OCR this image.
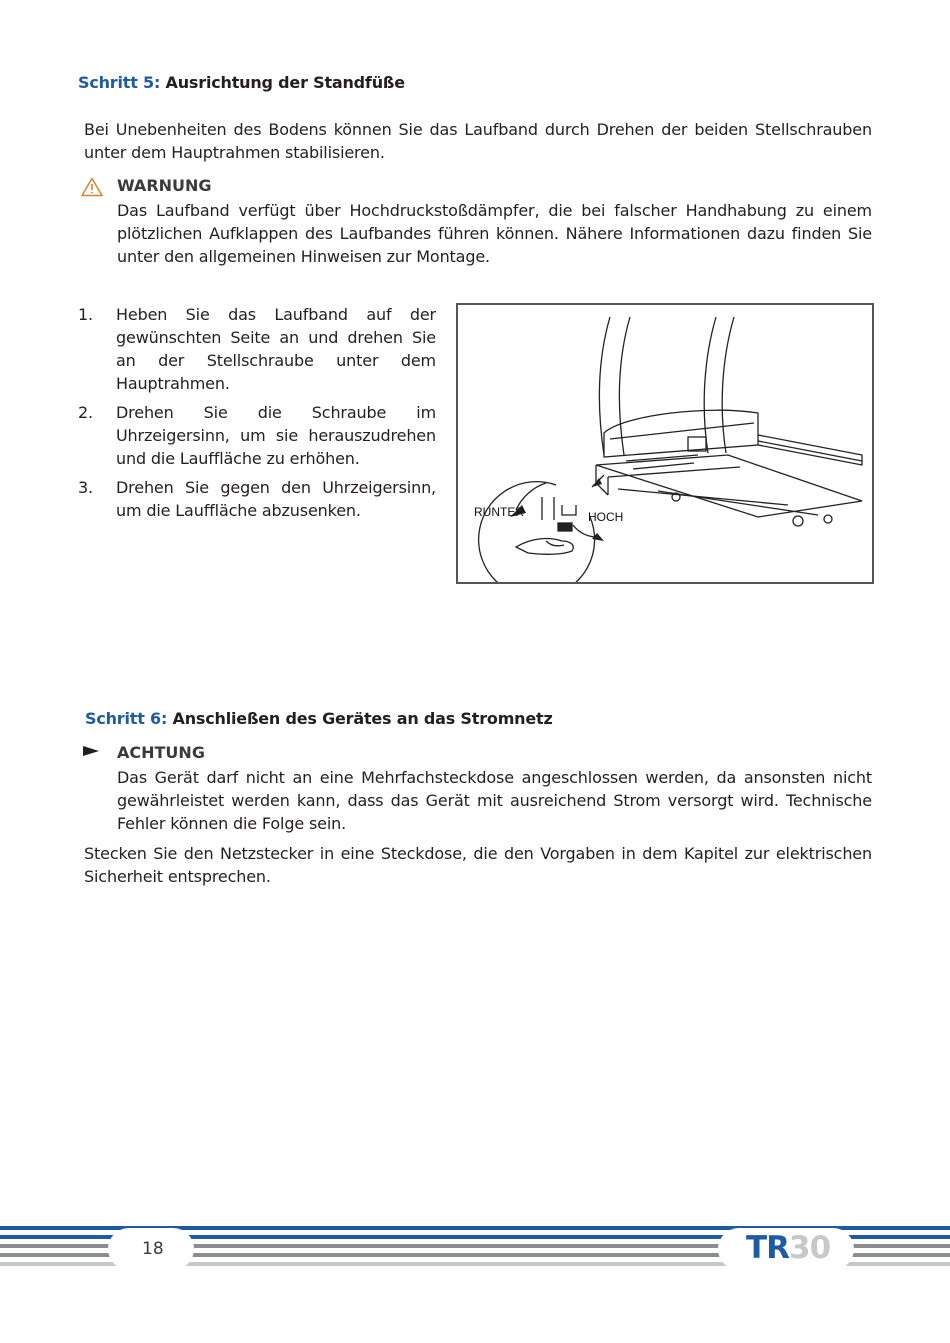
Schritt 5: Ausrichtung der Standfüße
Bei Unebenheiten des Bodens können Sie das Laufband durch Drehen der beiden Stellschrauben unter dem Hauptrahmen stabilisieren.
WARNUNG
Das Laufband verfügt über Hochdruckstoßdämpfer, die bei falscher Handhabung zu einem plötzlichen Aufklappen des Laufbandes führen können. Nähere Informationen dazu finden Sie unter den allgemeinen Hinweisen zur Montage.
1. Heben Sie das Laufband auf der gewünschten Seite an und drehen Sie an der Stellschraube unter dem Hauptrahmen.
2. Drehen Sie die Schraube im Uhrzeigersinn, um sie herauszudrehen und die Lauffläche zu erhöhen.
3. Drehen Sie gegen den Uhrzeigersinn, um die Lauffläche abzusenken.	RUNTER	HOCH
Schritt 6: Anschließen des Gerätes an das Stromnetz
ACHTUNG
Das Gerät darf nicht an eine Mehrfachsteckdose angeschlossen werden, da ansonsten nicht gewährleistet werden kann, dass das Gerät mit ausreichend Strom versorgt wird. Technische Fehler können die Folge sein.
Stecken Sie den Netzstecker in eine Steckdose, die den Vorgaben in dem Kapitel zur elektrischen Sicherheit entsprechen.
18	TR30
